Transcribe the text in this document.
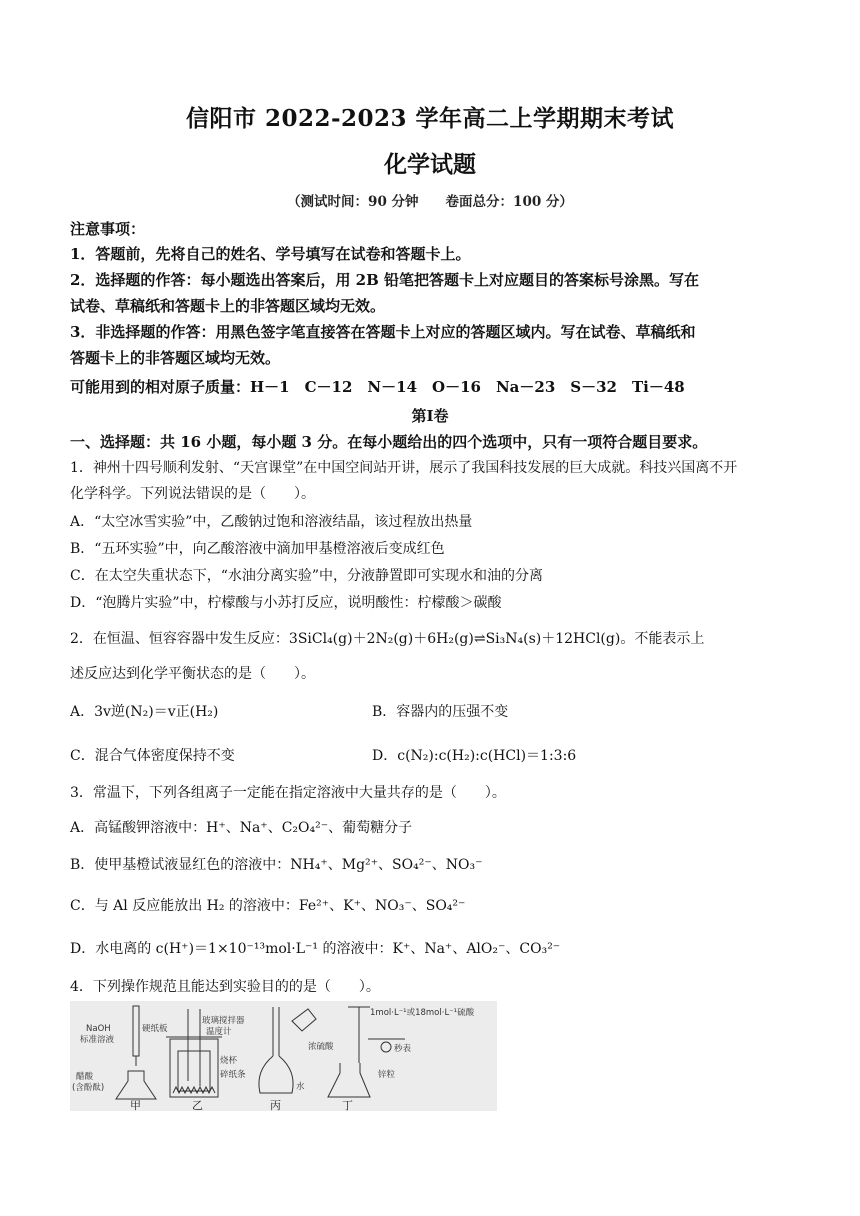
信阳市 2022-2023 学年高二上学期期末考试
化学试题
（测试时间：90 分钟　　卷面总分：100 分）
注意事项：
1．答题前，先将自己的姓名、学号填写在试卷和答题卡上。
2．选择题的作答：每小题选出答案后，用 2B 铅笔把答题卡上对应题目的答案标号涂黑。写在
试卷、草稿纸和答题卡上的非答题区域均无效。
3．非选择题的作答：用黑色签字笔直接答在答题卡上对应的答题区域内。写在试卷、草稿纸和
答题卡上的非答题区域均无效。
可能用到的相对原子质量：H－1　C－12　N－14　O－16　Na－23　S－32　Ti－48
第Ⅰ卷
一、选择题：共 16 小题，每小题 3 分。在每小题给出的四个选项中，只有一项符合题目要求。
1．神州十四号顺利发射、“天宫课堂”在中国空间站开讲，展示了我国科技发展的巨大成就。科技兴国离不开
化学科学。下列说法错误的是（　　）。
A．“太空冰雪实验”中，乙酸钠过饱和溶液结晶，该过程放出热量
B．“五环实验”中，向乙酸溶液中滴加甲基橙溶液后变成红色
C．在太空失重状态下，“水油分离实验”中，分液静置即可实现水和油的分离
D．“泡腾片实验”中，柠檬酸与小苏打反应，说明酸性：柠檬酸＞碳酸
2．在恒温、恒容容器中发生反应：3SiCl₄(g)＋2N₂(g)＋6H₂(g)⇌Si₃N₄(s)＋12HCl(g)。不能表示上
述反应达到化学平衡状态的是（　　）。
A．3v逆(N₂)＝v正(H₂)	B．容器内的压强不变
C．混合气体密度保持不变	D．c(N₂):c(H₂):c(HCl)＝1:3:6
3．常温下，下列各组离子一定能在指定溶液中大量共存的是（　　）。
A．高锰酸钾溶液中：H⁺、Na⁺、C₂O₄²⁻、葡萄糖分子
B．使甲基橙试液显红色的溶液中：NH₄⁺、Mg²⁺、SO₄²⁻、NO₃⁻
C．与 Al 反应能放出 H₂ 的溶液中：Fe²⁺、K⁺、NO₃⁻、SO₄²⁻
D．水电离的 c(H⁺)＝1×10⁻¹³mol·L⁻¹ 的溶液中：K⁺、Na⁺、AlO₂⁻、CO₃²⁻
4．下列操作规范且能达到实验目的的是（　　）。
NaOH
标准溶液
醋酸
(含酚酞)
硬纸板
玻璃搅拌器
温度计
烧杯
碎纸条
浓硫酸
水
1mol·L⁻¹或18mol·L⁻¹硫酸
秒表
锌粒
甲	乙	丙	丁
